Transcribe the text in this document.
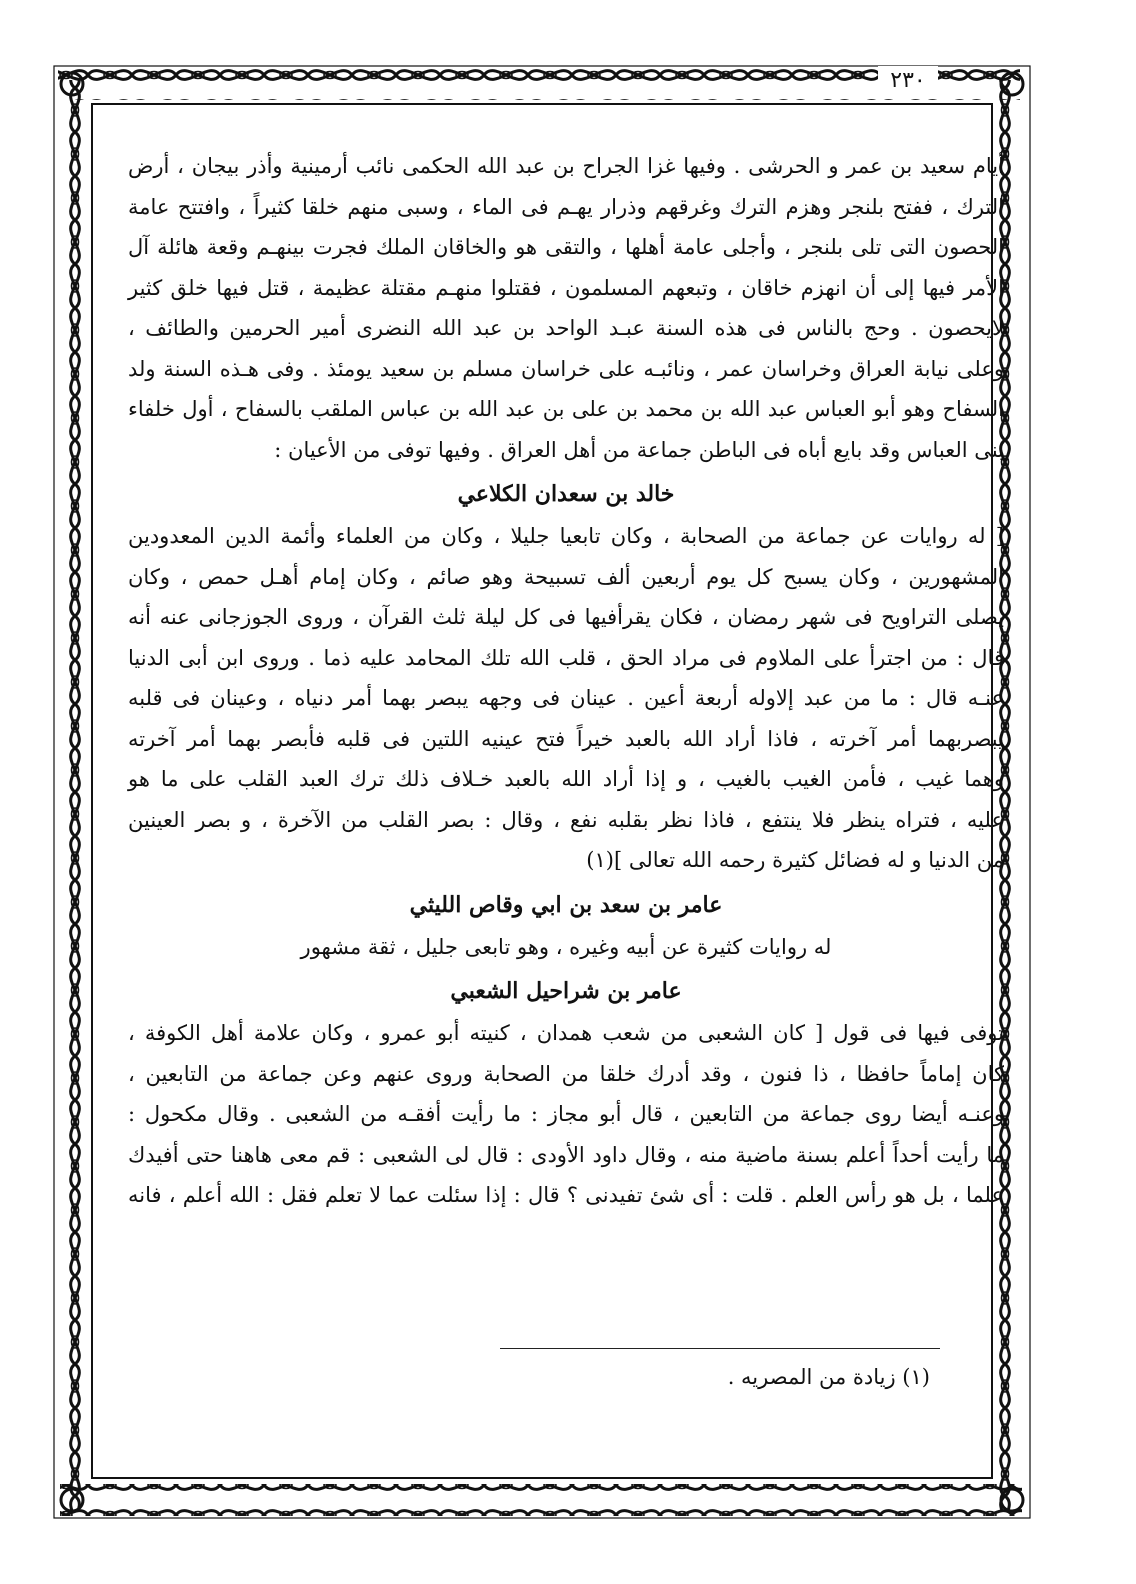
٢٣٠

أيام سعيد بن عمر و الحرشى . وفيها غزا الجراح بن عبد الله الحكمى نائب أرمينية وأذر بيجان ، أرض

الترك ، ففتح بلنجر وهزم الترك وغرقهم وذرار يهـم فى الماء ، وسبى منهم خلقا كثيراً ، وافتتح عامة

الحصون التى تلى بلنجر ، وأجلى عامة أهلها ، والتقى هو والخاقان الملك فجرت بينهـم وقعة هائلة آل

الأمر فيها إلى أن انهزم خاقان ، وتبعهم المسلمون ، فقتلوا منهـم مقتلة عظيمة ، قتل فيها خلق كثير

لايحصون . وحج بالناس فى هذه السنة عبـد الواحد بن عبد الله النضرى أمير الحرمين والطائف ،

وعلى نيابة العراق وخراسان عمر ، ونائبـه على خراسان مسلم بن سعيد يومئذ . وفى هـذه السنة ولد

السفاح وهو أبو العباس عبد الله بن محمد بن على بن عبد الله بن عباس الملقب بالسفاح ، أول خلفاء

بنى العباس وقد بايع أباه فى الباطن جماعة من أهل العراق . وفيها توفى من الأعيان :

خالد بن سعدان الكلاعي

[ له روايات عن جماعة من الصحابة ، وكان تابعيا جليلا ، وكان من العلماء وأئمة الدين المعدودين

المشهورين ، وكان يسبح كل يوم أربعين ألف تسبيحة وهو صائم ، وكان إمام أهـل حمص ، وكان

يصلى التراويح فى شهر رمضان ، فكان يقرأفيها فى كل ليلة ثلث القرآن ، وروى الجوزجانى عنه أنه

قال : من اجترأ على الملاوم فى مراد الحق ، قلب الله تلك المحامد عليه ذما . وروى ابن أبى الدنيا

عنـه قال : ما من عبد إلاوله أربعة أعين . عينان فى وجهه يبصر بهما أمر دنياه ، وعينان فى قلبه

يبصربهما أمر آخرته ، فاذا أراد الله بالعبد خيراً فتح عينيه اللتين فى قلبه فأبصر بهما أمر آخرته

وهما غيب ، فأمن الغيب بالغيب ، و إذا أراد الله بالعبد خـلاف ذلك ترك العبد القلب على ما هو

عليه ، فتراه ينظر فلا ينتفع ، فاذا نظر بقلبه نفع ، وقال : بصر القلب من الآخرة ، و بصر العينين

من الدنيا و له فضائل كثيرة رحمه الله تعالى ](١)

عامر بن سعد بن ابي وقاص الليثي

له روايات كثيرة عن أبيه وغيره ، وهو تابعى جليل ، ثقة مشهور

عامر بن شراحيل الشعبي

توفى فيها فى قول [ كان الشعبى من شعب همدان ، كنيته أبو عمرو ، وكان علامة أهل الكوفة ،

كان إماماً حافظا ، ذا فنون ، وقد أدرك خلقا من الصحابة وروى عنهم وعن جماعة من التابعين ،

وعنـه أيضا روى جماعة من التابعين ، قال أبو مجاز : ما رأيت أفقـه من الشعبى . وقال مكحول :

ما رأيت أحداً أعلم بسنة ماضية منه ، وقال داود الأودى : قال لى الشعبى : قم معى هاهنا حتى أفيدك

علما ، بل هو رأس العلم . قلت : أى شئ تفيدنى ؟ قال : إذا سئلت عما لا تعلم فقل : الله أعلم ، فانه

(١) زيادة من المصريه .
